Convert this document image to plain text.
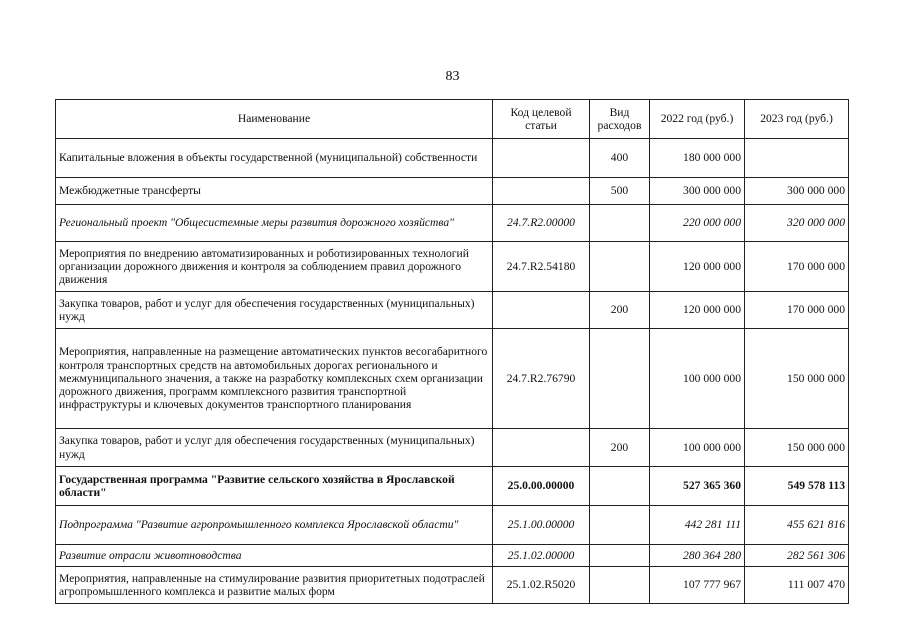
83
Наименование	Код целевой статьи	Вид расходов	2022 год (руб.)	2023 год (руб.)
Капитальные вложения в объекты государственной (муниципальной) собственности		400	180 000 000	
Межбюджетные трансферты		500	300 000 000	300 000 000
Региональный проект "Общесистемные меры развития дорожного хозяйства"	24.7.R2.00000		220 000 000	320 000 000
Мероприятия по внедрению автоматизированных и роботизированных технологий организации дорожного движения и контроля за соблюдением правил дорожного движения	24.7.R2.54180		120 000 000	170 000 000
Закупка товаров, работ и услуг для обеспечения государственных (муниципальных) нужд		200	120 000 000	170 000 000
Мероприятия, направленные на размещение автоматических пунктов весогабаритного контроля транспортных средств на автомобильных дорогах регионального и межмуниципального значения, а также на разработку комплексных схем организации дорожного движения, программ комплексного развития транспортной инфраструктуры и ключевых документов транспортного планирования	24.7.R2.76790		100 000 000	150 000 000
Закупка товаров, работ и услуг для обеспечения государственных (муниципальных) нужд		200	100 000 000	150 000 000
Государственная программа "Развитие сельского хозяйства в Ярославской области"	25.0.00.00000		527 365 360	549 578 113
Подпрограмма "Развитие агропромышленного комплекса Ярославской области"	25.1.00.00000		442 281 111	455 621 816
Развитие отрасли животноводства	25.1.02.00000		280 364 280	282 561 306
Мероприятия, направленные на стимулирование развития приоритетных подотраслей агропромышленного комплекса и развитие малых форм	25.1.02.R5020		107 777 967	111 007 470
